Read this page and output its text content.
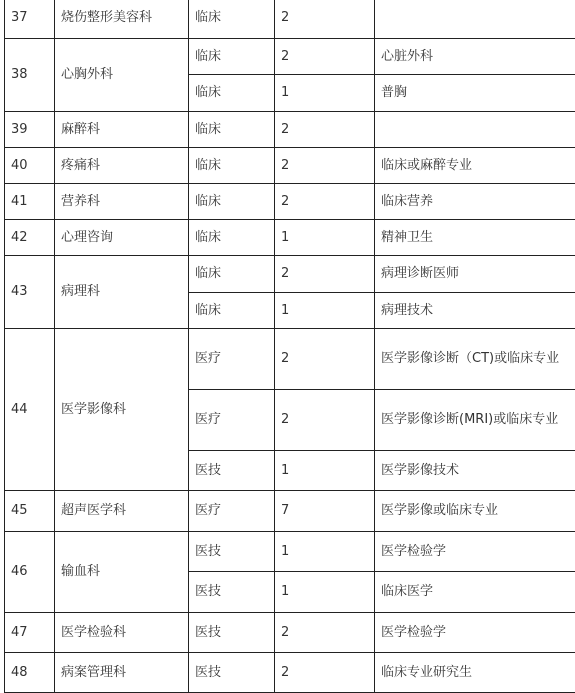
37	烧伤整形美容科	临床	2	
38	心胸外科	临床	2	心脏外科
		临床	1	普胸
39	麻醉科	临床	2	
40	疼痛科	临床	2	临床或麻醉专业
41	营养科	临床	2	临床营养
42	心理咨询	临床	1	精神卫生
43	病理科	临床	2	病理诊断医师
		临床	1	病理技术
44	医学影像科	医疗	2	医学影像诊断（CT)或临床专业
		医疗	2	医学影像诊断(MRI)或临床专业
		医技	1	医学影像技术
45	超声医学科	医疗	7	医学影像或临床专业
46	输血科	医技	1	医学检验学
		医技	1	临床医学
47	医学检验科	医技	2	医学检验学
48	病案管理科	医技	2	临床专业研究生
